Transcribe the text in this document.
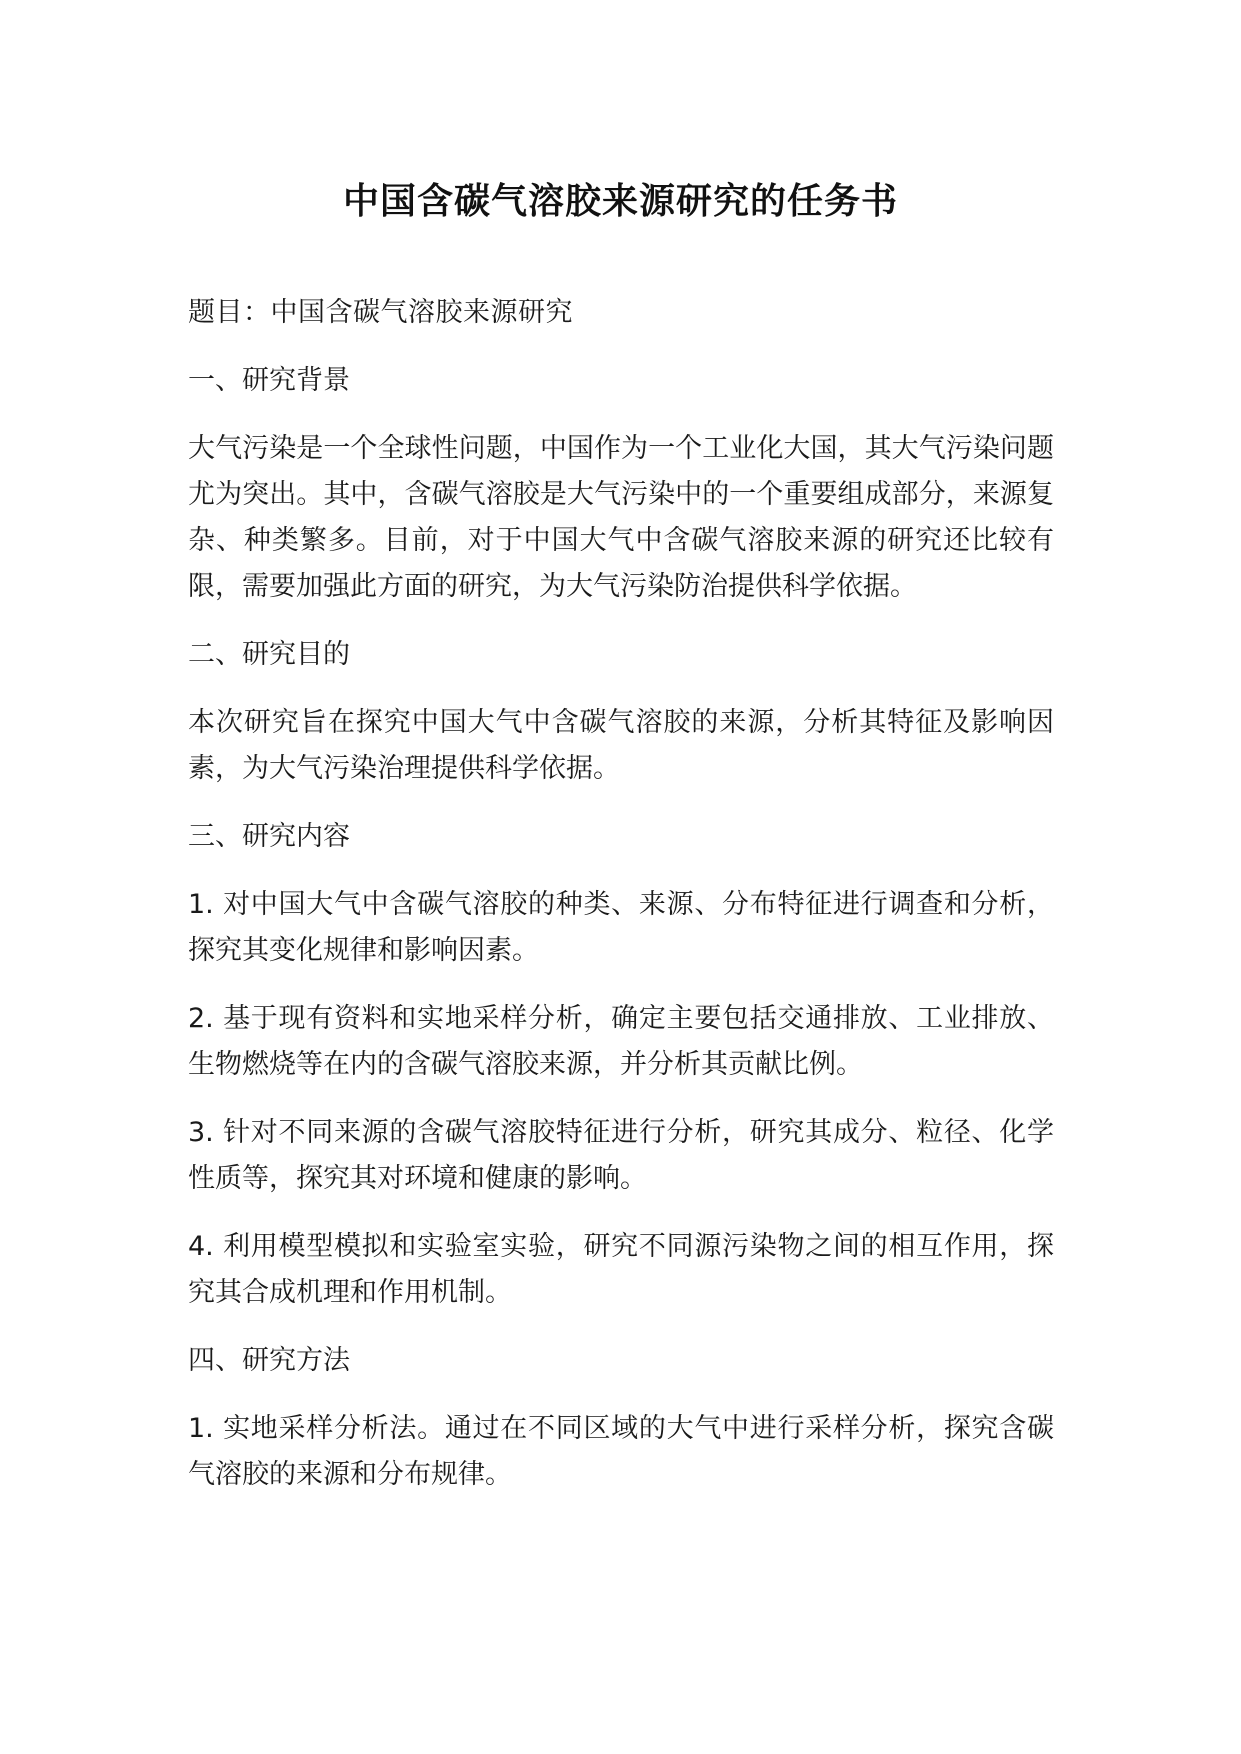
中国含碳气溶胶来源研究的任务书

题目：中国含碳气溶胶来源研究

一、研究背景

大气污染是一个全球性问题，中国作为一个工业化大国，其大气污染问题尤为突出。其中，含碳气溶胶是大气污染中的一个重要组成部分，来源复杂、种类繁多。目前，对于中国大气中含碳气溶胶来源的研究还比较有限，需要加强此方面的研究，为大气污染防治提供科学依据。

二、研究目的

本次研究旨在探究中国大气中含碳气溶胶的来源，分析其特征及影响因素，为大气污染治理提供科学依据。

三、研究内容

1. 对中国大气中含碳气溶胶的种类、来源、分布特征进行调查和分析，探究其变化规律和影响因素。

2. 基于现有资料和实地采样分析，确定主要包括交通排放、工业排放、生物燃烧等在内的含碳气溶胶来源，并分析其贡献比例。

3. 针对不同来源的含碳气溶胶特征进行分析，研究其成分、粒径、化学性质等，探究其对环境和健康的影响。

4. 利用模型模拟和实验室实验，研究不同源污染物之间的相互作用，探究其合成机理和作用机制。

四、研究方法

1. 实地采样分析法。通过在不同区域的大气中进行采样分析，探究含碳气溶胶的来源和分布规律。
